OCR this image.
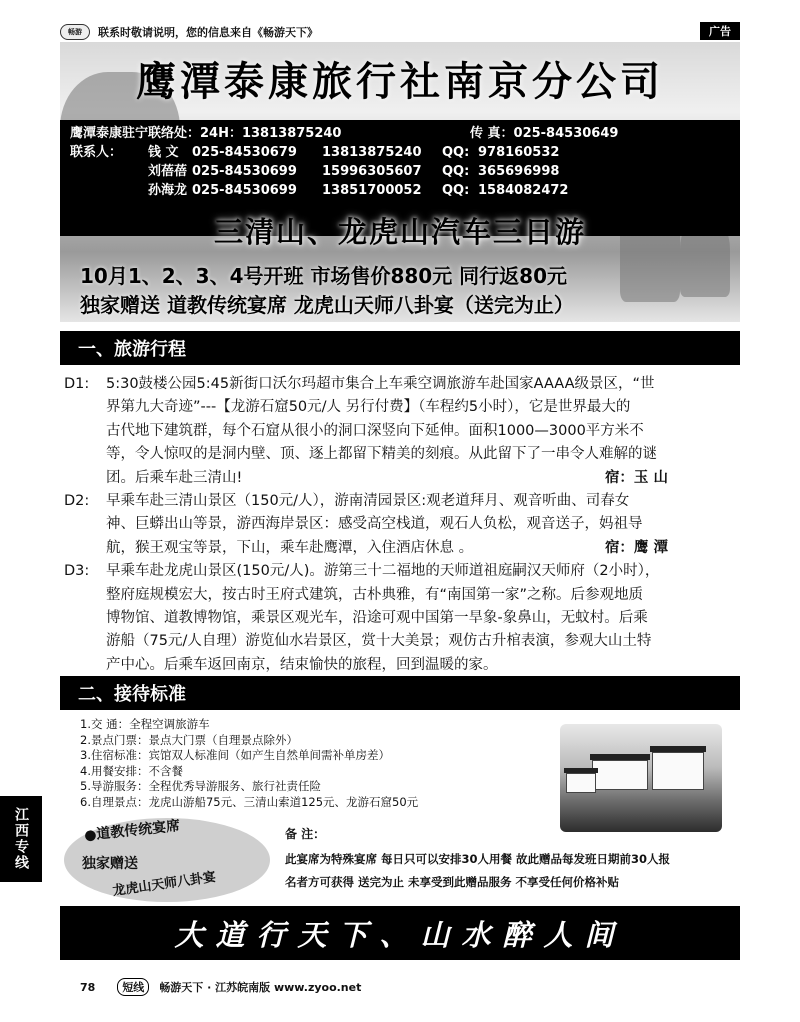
畅游	联系时敬请说明，您的信息来自《畅游天下》	广告
鹰潭泰康旅行社南京分公司
鹰潭泰康驻宁联络处：24H：13813875240	传 真：025-84530649
联系人：	钱 文	025-84530679	13813875240	QQ: 978160532
刘蓓蓓 025-84530699	15996305607	QQ: 365696998
孙海龙 025-84530699	13851700052	QQ: 1584082472
三清山、龙虎山汽车三日游
10月1、2、3、4号开班 市场售价880元 同行返80元
独家赠送 道教传统宴席 龙虎山天师八卦宴（送完为止）
一、旅游行程
D1:	5:30鼓楼公园5:45新街口沃尔玛超市集合上车乘空调旅游车赴国家AAAA级景区，“世
界第九大奇迹”---【龙游石窟50元/人 另行付费】（车程约5小时），它是世界最大的
古代地下建筑群，每个石窟从很小的洞口深竖向下延伸。面积1000—3000平方米不
等，令人惊叹的是洞内壁、顶、逐上都留下精美的刻痕。从此留下了一串令人难解的谜
团。后乘车赴三清山!	宿：玉 山
D2:	早乘车赴三清山景区（150元/人），游南清园景区:观老道拜月、观音听曲、司春女
神、巨蟒出山等景，游西海岸景区：感受高空栈道，观石人负松，观音送子，妈祖导
航，猴王观宝等景，下山，乘车赴鹰潭，入住酒店休息 。	宿：鹰 潭
D3:	早乘车赴龙虎山景区(150元/人)。游第三十二福地的天师道祖庭嗣汉天师府（2小时），
整府庭规模宏大，按古时王府式建筑，古朴典雅，有“南国第一家”之称。后参观地质
博物馆、道教博物馆，乘景区观光车，沿途可观中国第一旱象-象鼻山，无蚊村。后乘
游船（75元/人自理）游览仙水岩景区，赏十大美景；观仿古升棺表演，参观大山土特
产中心。后乘车返回南京，结束愉快的旅程，回到温暖的家。
二、接待标准
1.交 通：全程空调旅游车
2.景点门票：景点大门票（自理景点除外）
3.住宿标准：宾馆双人标准间（如产生自然单间需补单房差）
4.用餐安排：不含餐
5.导游服务：全程优秀导游服务、旅行社责任险
6.自理景点：龙虎山游船75元、三清山索道125元、龙游石窟50元
●道教传统宴席
独家赠送
龙虎山天师八卦宴
备 注：
此宴席为特殊宴席 每日只可以安排30人用餐 故此赠品每发班日期前30人报
名者方可获得 送完为止 未享受到此赠品服务 不享受任何价格补贴
大道行天下、山水醉人间
江西专线
78	短线	畅游天下 · 江苏皖南版 www.zyoo.net
